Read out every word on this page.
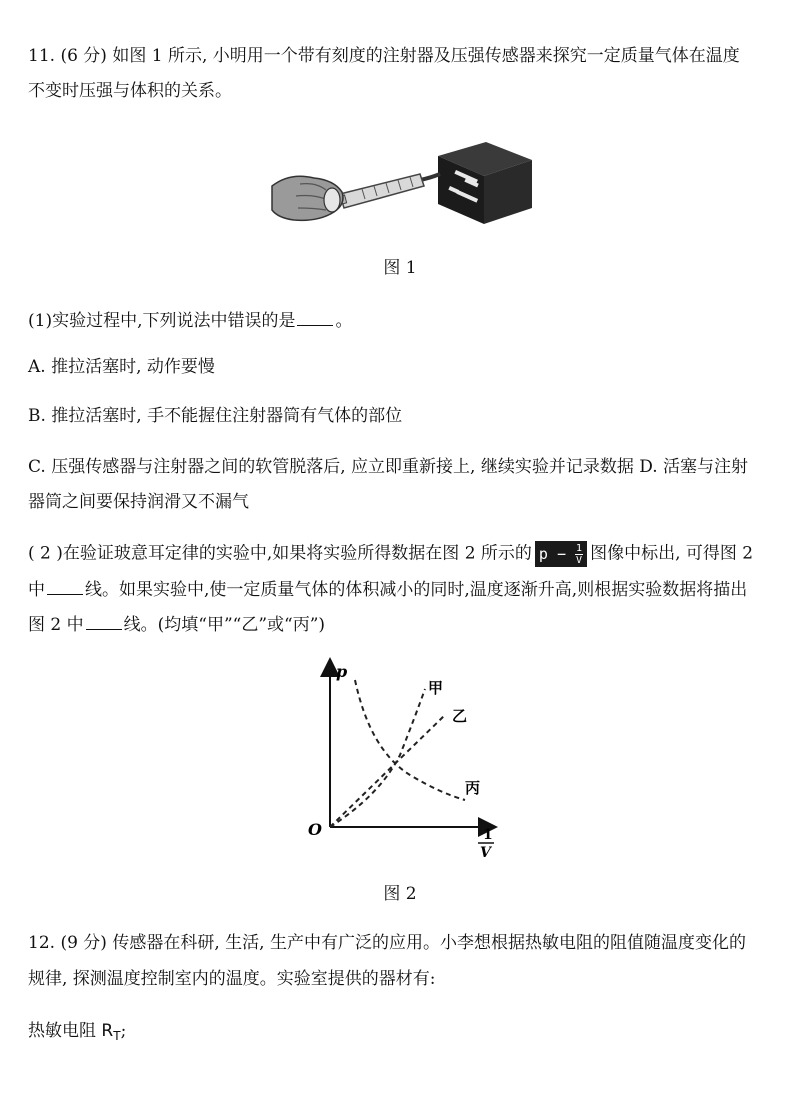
11. (6 分) 如图 1 所示, 小明用一个带有刻度的注射器及压强传感器来探究一定质量气体在温度
不变时压强与体积的关系。
图 1
(1)实验过程中,下列说法中错误的是 。
A. 推拉活塞时, 动作要慢
B. 推拉活塞时, 手不能握住注射器筒有气体的部位
C. 压强传感器与注射器之间的软管脱落后, 应立即重新接上, 继续实验并记录数据 D. 活塞与注射
器筒之间要保持润滑又不漏气
( 2 )在验证玻意耳定律的实验中,如果将实验所得数据在图 2 所示的 $p - \frac{1}{V}$ 图像中标出, 可得图 2
中 线。如果实验中,使一定质量气体的体积减小的同时,温度逐渐升高,则根据实验数据将描出
图 2 中 线。(均填“甲”“乙”或“丙”)
p
O	1
V
甲
乙
丙
图 2
12. (9 分) 传感器在科研, 生活, 生产中有广泛的应用。小李想根据热敏电阻的阻值随温度变化的
规律, 探测温度控制室内的温度。实验室提供的器材有:
热敏电阻 $R_T$;
